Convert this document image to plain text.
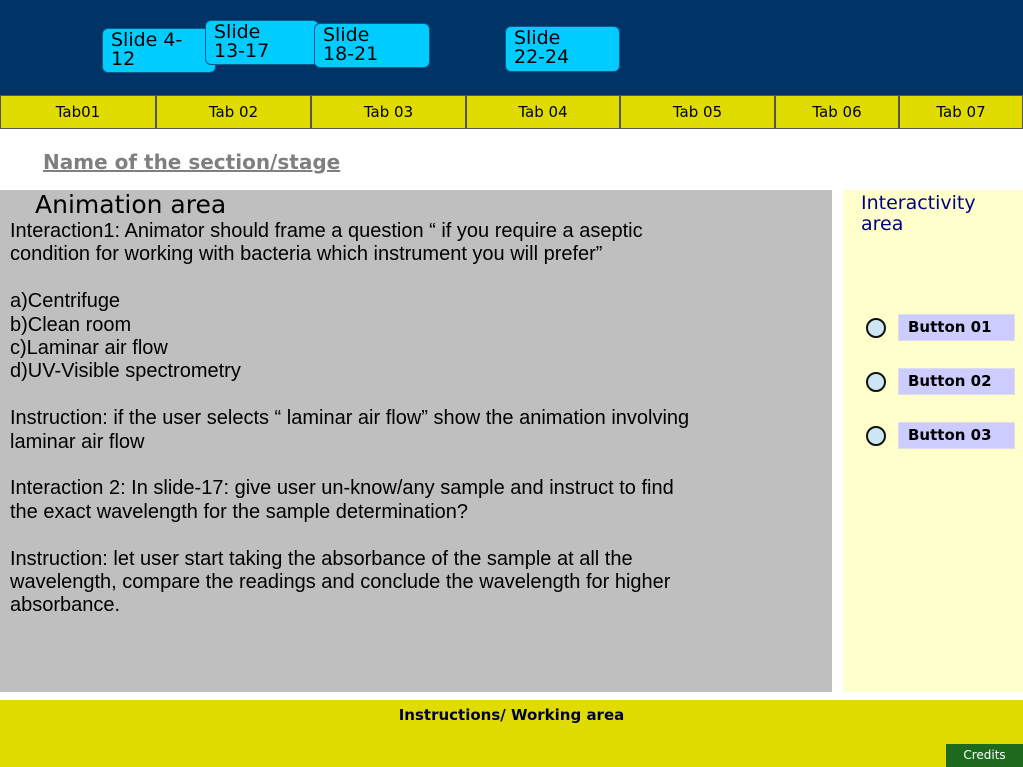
Slide 4-
12
Slide
13-17
Slide
18-21
Slide
22-24
Tab01	Tab 02	Tab 03	Tab 04	Tab 05	Tab 06	Tab 07
Name of the section/stage
Animation area

Interaction1: Animator should frame a question “ if you require a aseptic
condition for working with bacteria which instrument you will prefer”

a)Centrifuge

b)Clean room

c)Laminar air flow

d)UV-Visible spectrometry

Instruction: if the user selects “ laminar air flow” show the animation involving
laminar air flow

Interaction 2: In slide-17: give user un-know/any sample and instruct to find
the exact wavelength for the sample determination?

Instruction: let user start taking the absorbance of the sample at all the
wavelength, compare the readings and conclude the wavelength for higher
absorbance.

Interactivity
area
Button 01
Button 02
Button 03
Instructions/ Working area
Credits
